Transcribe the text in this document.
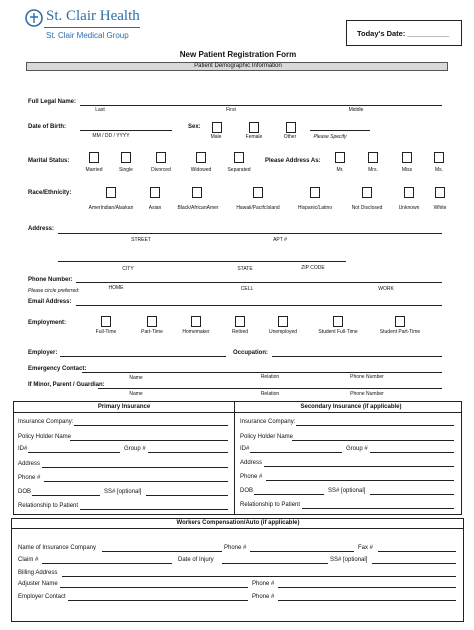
St. Clair Health
St. Clair Medical Group	Today's Date: __________
New Patient Registration Form
Patient Demographic Information
Full Legal Name:
Last	First	Middle
Date of Birth:
MM / DD / YYYY
Sex:
Male	Female	Other	Please Specify
Marital Status:
Married	Single	Divorced	Widowed	Separated
Please Address As:
Mr.	Mrs.	Miss	Ms.
Race/Ethnicity:
AmerIndian/Alaskan	Asian	Black/AfricanAmer	Hawaii/PacifcIsland	Hispanic/Latino	Not Disclosed	Unknown	White
Address:
STREET	APT #
CITY	STATE	ZIP CODE
Phone Number:
Please circle preferred:	HOME	CELL	WORK
Email Address:
Employment:
Full-Time	Part-Time	Homemaker	Retired	Unemployed	Student Full-Time	Student Part-Time
Employer:	Occupation:
Emergency Contact:
Name	Relation	Phone Number
If Minor, Parent / Guardian:
Name	Relation	Phone Number
Primary Insurance
Insurance Company:
Policy Holder Name
ID#	Group #
Address
Phone #
DOB	SS# [optional]
Relationship to Patient
Secondary Insurance (if applicable)
Insurance Company:
Policy Holder Name
ID#	Group #
Address
Phone #
DOB	SS# [optional]
Relationship to Patient
Workers Compensation/Auto (if applicable)
Name of Insurance Company	Phone #	Fax #
Claim #	Date of Injury	SS# [optional]
Billing Address
Adjuster Name	Phone #
Employer Contact	Phone #
